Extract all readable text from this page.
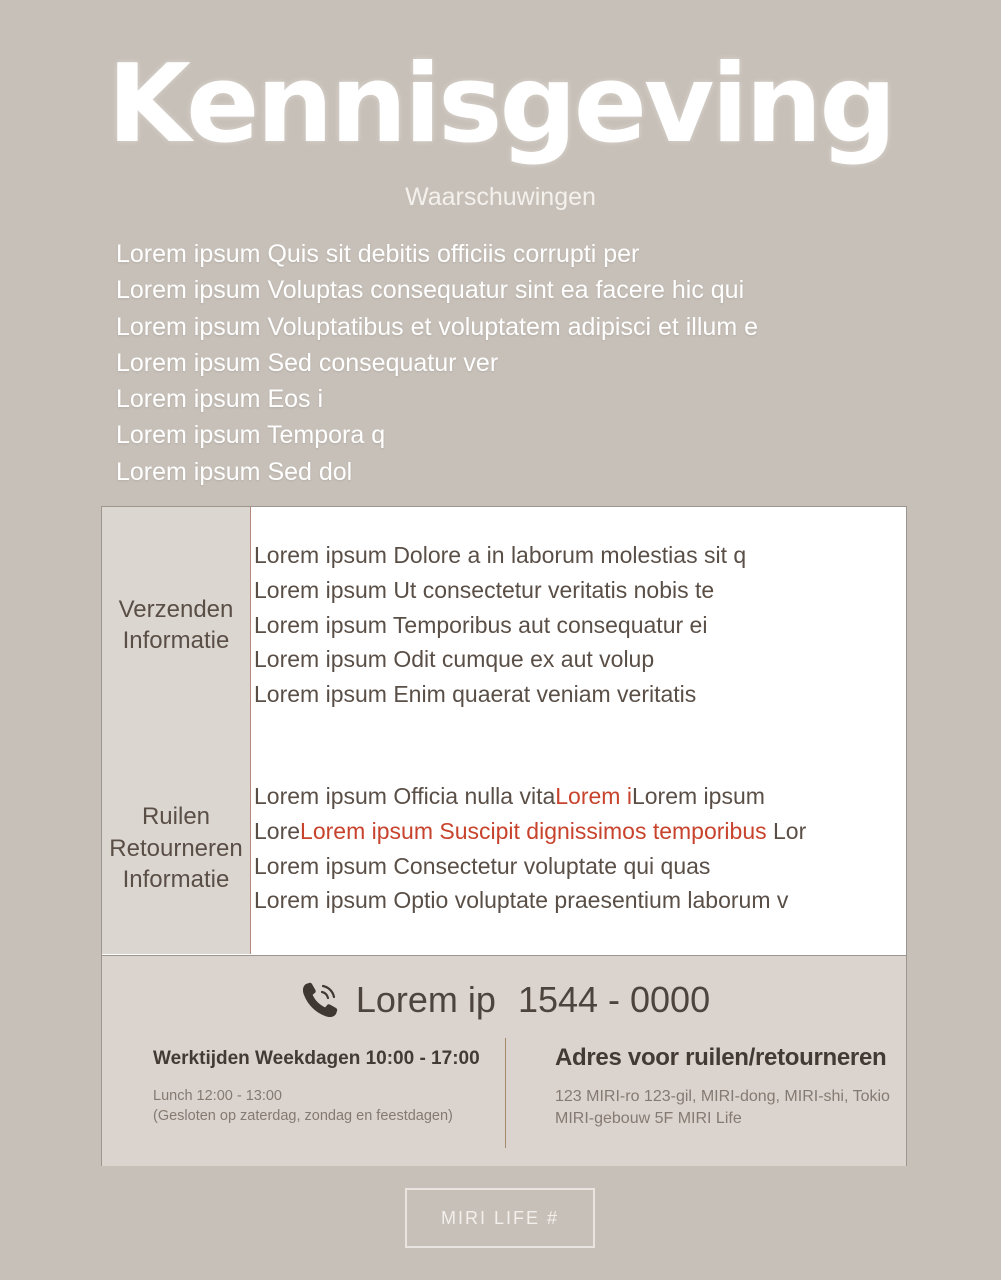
Kennisgeving
Waarschuwingen
Lorem ipsum Quis sit debitis officiis corrupti per
Lorem ipsum Voluptas consequatur sint ea facere hic qui
Lorem ipsum Voluptatibus et voluptatem adipisci et illum e
Lorem ipsum Sed consequatur ver
Lorem ipsum Eos i
Lorem ipsum Tempora q
Lorem ipsum Sed dol
Verzenden
Informatie
Lorem ipsum Dolore a in laborum molestias sit q
Lorem ipsum Ut consectetur veritatis nobis te
Lorem ipsum Temporibus aut consequatur ei
Lorem ipsum Odit cumque ex aut volup
Lorem ipsum Enim quaerat veniam veritatis
Ruilen
Retourneren
Informatie
Lorem ipsum Officia nulla vitaLorem iLorem ipsum
LoreLorem ipsum Suscipit dignissimos temporibus Lor
Lorem ipsum Consectetur voluptate qui quas
Lorem ipsum Optio voluptate praesentium laborum v
Lorem ip 1544 - 0000
Werktijden Weekdagen 10:00 - 17:00
Lunch 12:00 - 13:00
(Gesloten op zaterdag, zondag en feestdagen)
Adres voor ruilen/retourneren
123 MIRI-ro 123-gil, MIRI-dong, MIRI-shi, Tokio
MIRI-gebouw 5F MIRI Life
MIRI LIFE #
